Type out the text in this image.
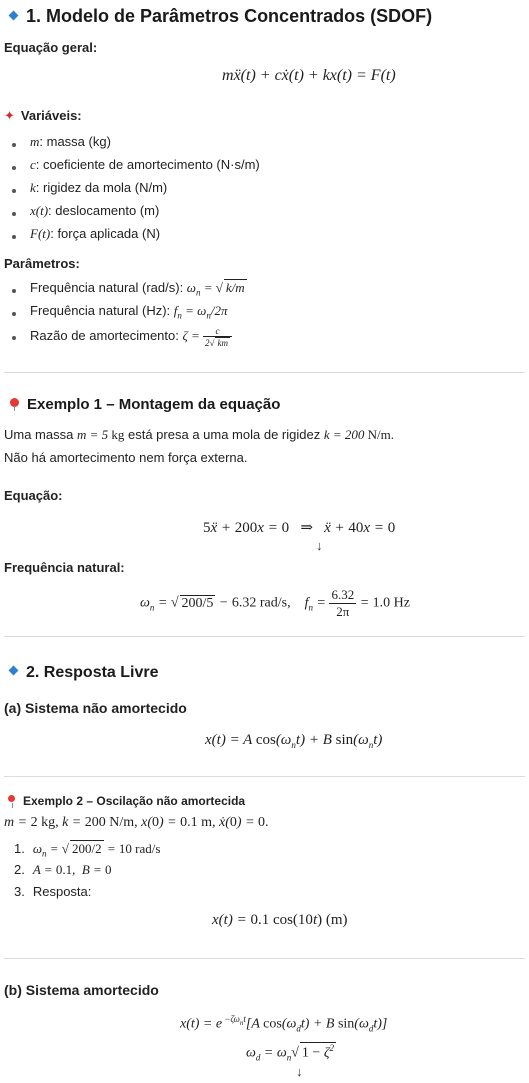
1. Modelo de Parâmetros Concentrados (SDOF)
Equação geral:
mẍ(t) + cẋ(t) + kx(t) = F(t)
✦ Variáveis:
m: massa (kg)
c: coeficiente de amortecimento (N·s/m)
k: rigidez da mola (N/m)
x(t): deslocamento (m)
F(t): força aplicada (N)
Parâmetros:
Frequência natural (rad/s): $\omega_n$ = √ k/m
Frequência natural (Hz): $f_n = \omega_n/2\pi$
Razão de amortecimento: $\zeta = \frac{c}{2√ km}$
Exemplo 1 – Montagem da equação
Uma massa m = 5 kg está presa a uma mola de rigidez k = 200 N/m.
Não há amortecimento nem força externa.
Equação:
5ẍ + 200x = 0 ⇒   ẍ + 40x = 0
↓
Frequência natural:
$\omega_n$ = √ 200/5 − 6.32 rad/s,    $f_n = \frac{6.32}{2\pi} = 1.0$ Hz
2. Resposta Livre
(a) Sistema não amortecido
x(t) = A $\cos(\omega_nt) + B$ $\sin(\omega_nt)$
Exemplo 2 – Oscilação não amortecida
m = 2 kg, k = 200 N/m, x(0) = 0.1 m, ẋ(0) = 0.
1. $\omega_n$ = √ 200/2 = 10 rad/s
2. A = 0.1,  B = 0
3. Resposta:
x(t) = 0.1 cos(10t) (m)
(b) Sistema amortecido
x(t) = e $^{-\zeta\omega_nt}$[A $\cos(\omega_dt) + B$ $\sin(\omega_dt)$]
$\omega_d = \omega_n√$ $1 - \zeta^2$
↓
